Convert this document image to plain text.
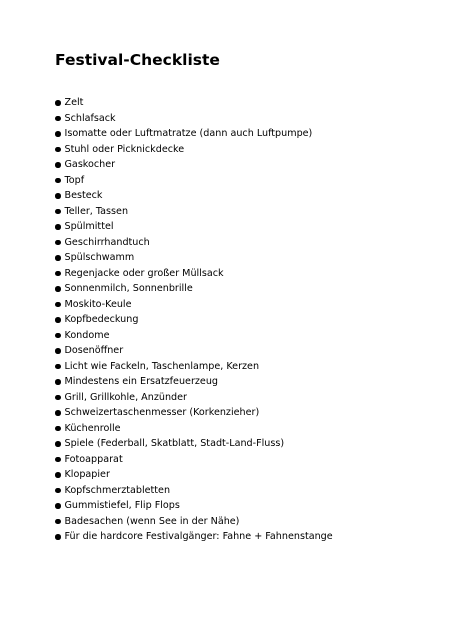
Festival-Checkliste
Zelt
Schlafsack
Isomatte oder Luftmatratze (dann auch Luftpumpe)
Stuhl oder Picknickdecke
Gaskocher
Topf
Besteck
Teller, Tassen
Spülmittel
Geschirrhandtuch
Spülschwamm
Regenjacke oder großer Müllsack
Sonnenmilch, Sonnenbrille
Moskito-Keule
Kopfbedeckung
Kondome
Dosenöffner
Licht wie Fackeln, Taschenlampe, Kerzen
Mindestens ein Ersatzfeuerzeug
Grill, Grillkohle, Anzünder
Schweizertaschenmesser (Korkenzieher)
Küchenrolle
Spiele (Federball, Skatblatt, Stadt-Land-Fluss)
Fotoapparat
Klopapier
Kopfschmerztabletten
Gummistiefel, Flip Flops
Badesachen (wenn See in der Nähe)
Für die hardcore Festivalgänger: Fahne + Fahnenstange
